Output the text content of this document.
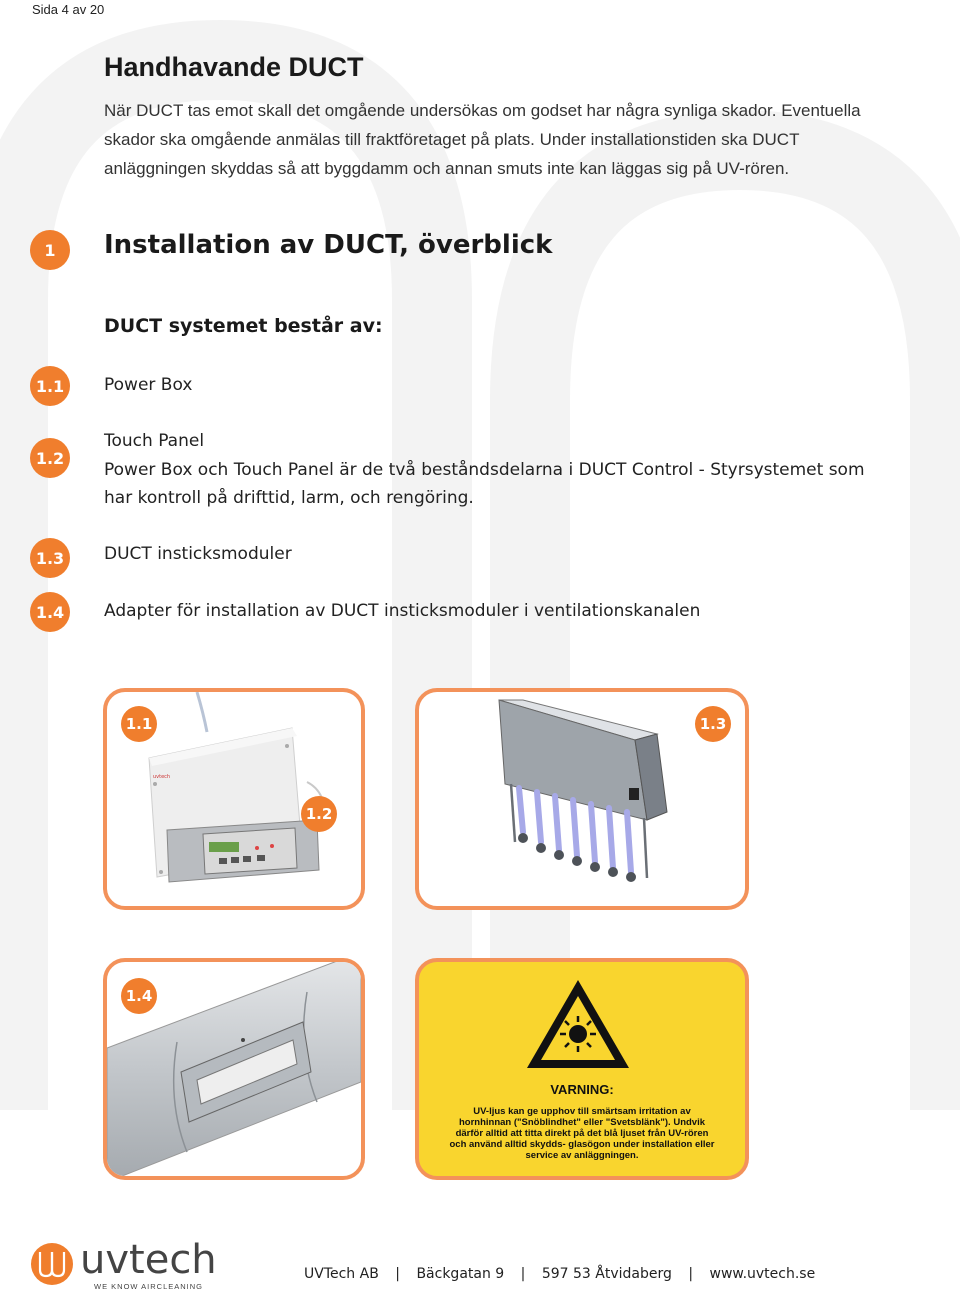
Sida 4 av 20
Handhavande DUCT

När DUCT tas emot skall det omgående undersökas om godset har några synliga skador. Eventuella skador ska omgående anmälas till fraktföretaget på plats. Under installationstiden ska DUCT anläggningen skyddas så att byggdamm och annan smuts inte kan läggas sig på UV-rören.

1	Installation av DUCT, överblick
DUCT systemet består av:
1.1	Power Box
1.2
Touch Panel
Power Box och Touch Panel är de två beståndsdelarna i DUCT Control - Styrsystemet som har kontroll på drifttid, larm, och rengöring.
1.3	DUCT insticksmoduler
1.4	Adapter för installation av DUCT insticksmoduler i ventilationskanalen
uvtech
1.1
1.2
1.3
1.4
VARNING:
UV-ljus kan ge upphov till smärtsam irritation av hornhinnan ("Snöblindhet" eller "Svetsblänk"). Undvik därför alltid att titta direkt på det blå ljuset från UV-rören och använd alltid skydds- glasögon under installation eller service av anläggningen.
uvtech
WE KNOW AIRCLEANING
UVTech AB | Bäckgatan 9 | 597 53 Åtvidaberg | www.uvtech.se
